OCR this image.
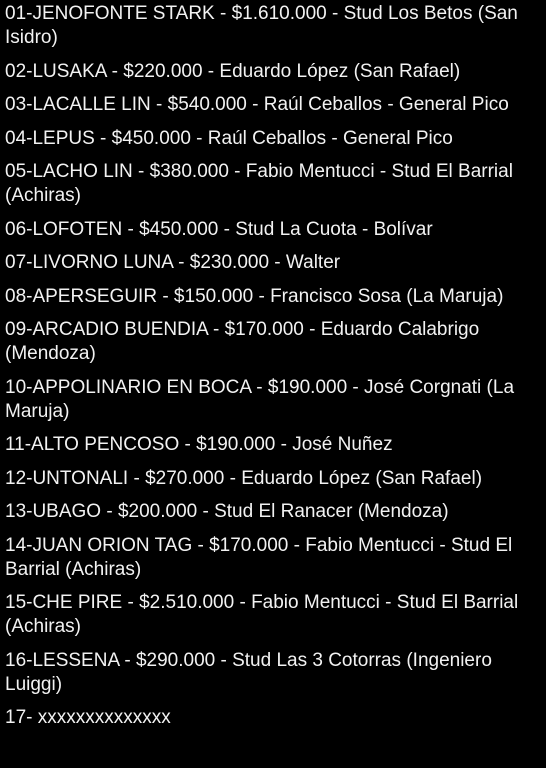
01-JENOFONTE STARK - $1.610.000 - Stud Los Betos (San Isidro)
02-LUSAKA - $220.000 - Eduardo López (San Rafael)
03-LACALLE LIN - $540.000 - Raúl Ceballos - General Pico
04-LEPUS - $450.000 - Raúl Ceballos - General Pico
05-LACHO LIN - $380.000 - Fabio Mentucci - Stud El Barrial (Achiras)
06-LOFOTEN - $450.000 - Stud La Cuota - Bolívar
07-LIVORNO LUNA - $230.000 - Walter
08-APERSEGUIR - $150.000 - Francisco Sosa (La Maruja)
09-ARCADIO BUENDIA - $170.000 - Eduardo Calabrigo (Mendoza)
10-APPOLINARIO EN BOCA - $190.000 - José Corgnati (La Maruja)
11-ALTO PENCOSO - $190.000 - José Nuñez
12-UNTONALI - $270.000 - Eduardo López (San Rafael)
13-UBAGO - $200.000 - Stud El Ranacer (Mendoza)
14-JUAN ORION TAG - $170.000 - Fabio Mentucci - Stud El Barrial (Achiras)
15-CHE PIRE - $2.510.000 - Fabio Mentucci - Stud El Barrial (Achiras)
16-LESSENA - $290.000 - Stud Las 3 Cotorras (Ingeniero Luiggi)
17- xxxxxxxxxxxxxx
